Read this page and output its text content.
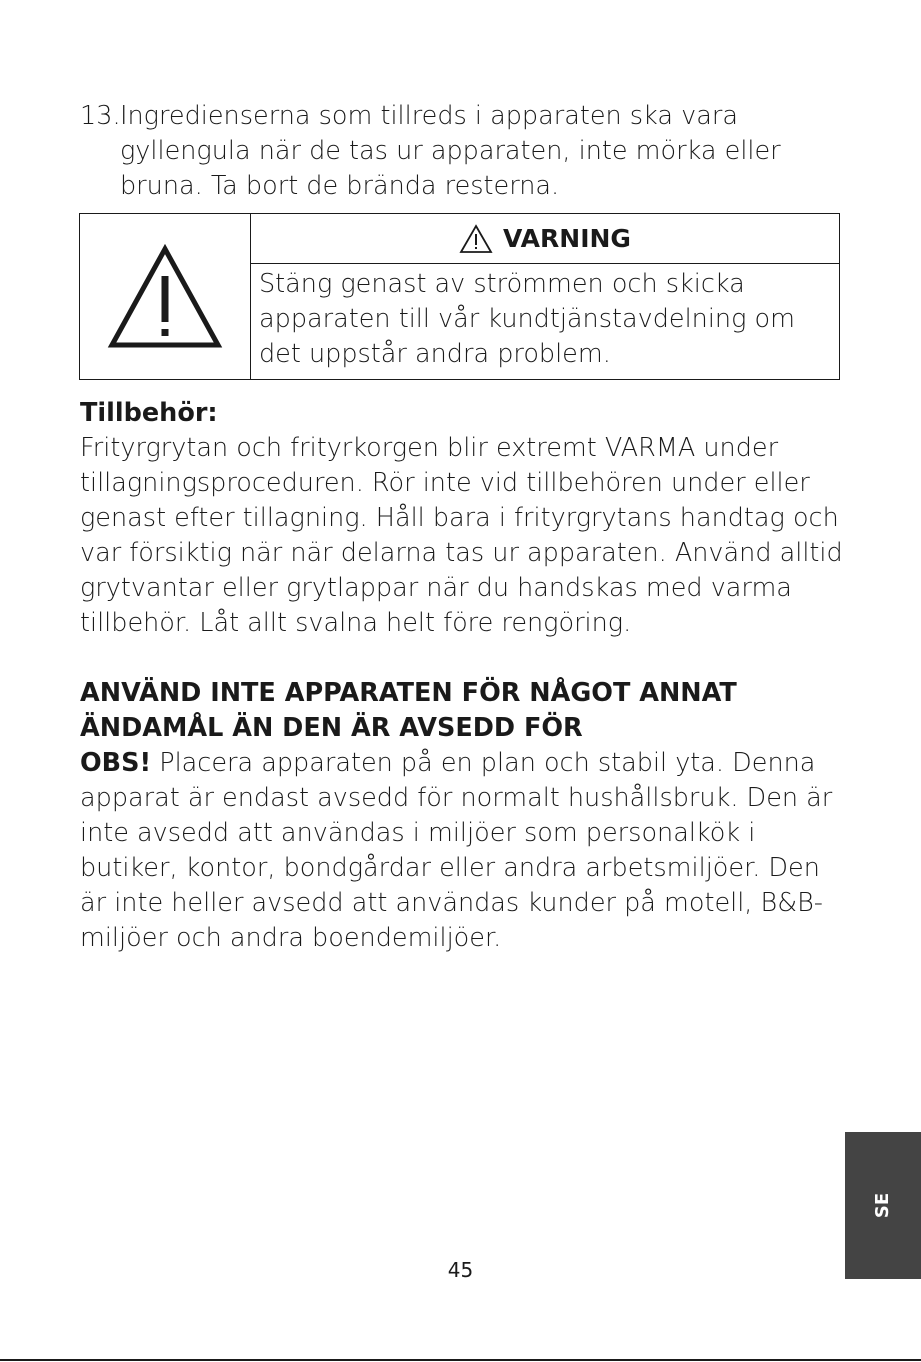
13. Ingredienserna som tillreds i apparaten ska vara gyllengula när de tas ur apparaten, inte mörka eller bruna. Ta bort de brända resterna.
VARNING
Stäng genast av strömmen och skicka apparaten till vår kundtjänstavdelning om det uppstår andra problem.
Tillbehör:
Frityrgrytan och frityrkorgen blir extremt VARMA under tillagningsproceduren. Rör inte vid tillbehören under eller genast efter tillagning. Håll bara i frityrgrytans handtag och var försiktig när när delarna tas ur apparaten. Använd alltid grytvantar eller grytlappar när du handskas med varma tillbehör. Låt allt svalna helt före rengöring.
ANVÄND INTE APPARATEN FÖR NÅGOT ANNAT ÄNDAMÅL ÄN DEN ÄR AVSEDD FÖR
OBS! Placera apparaten på en plan och stabil yta. Denna apparat är endast avsedd för normalt hushållsbruk. Den är inte avsedd att användas i miljöer som personalkök i butiker, kontor, bondgårdar eller andra arbetsmiljöer. Den är inte heller avsedd att användas kunder på motell, B&B-miljöer och andra boendemiljöer.
45
SE
